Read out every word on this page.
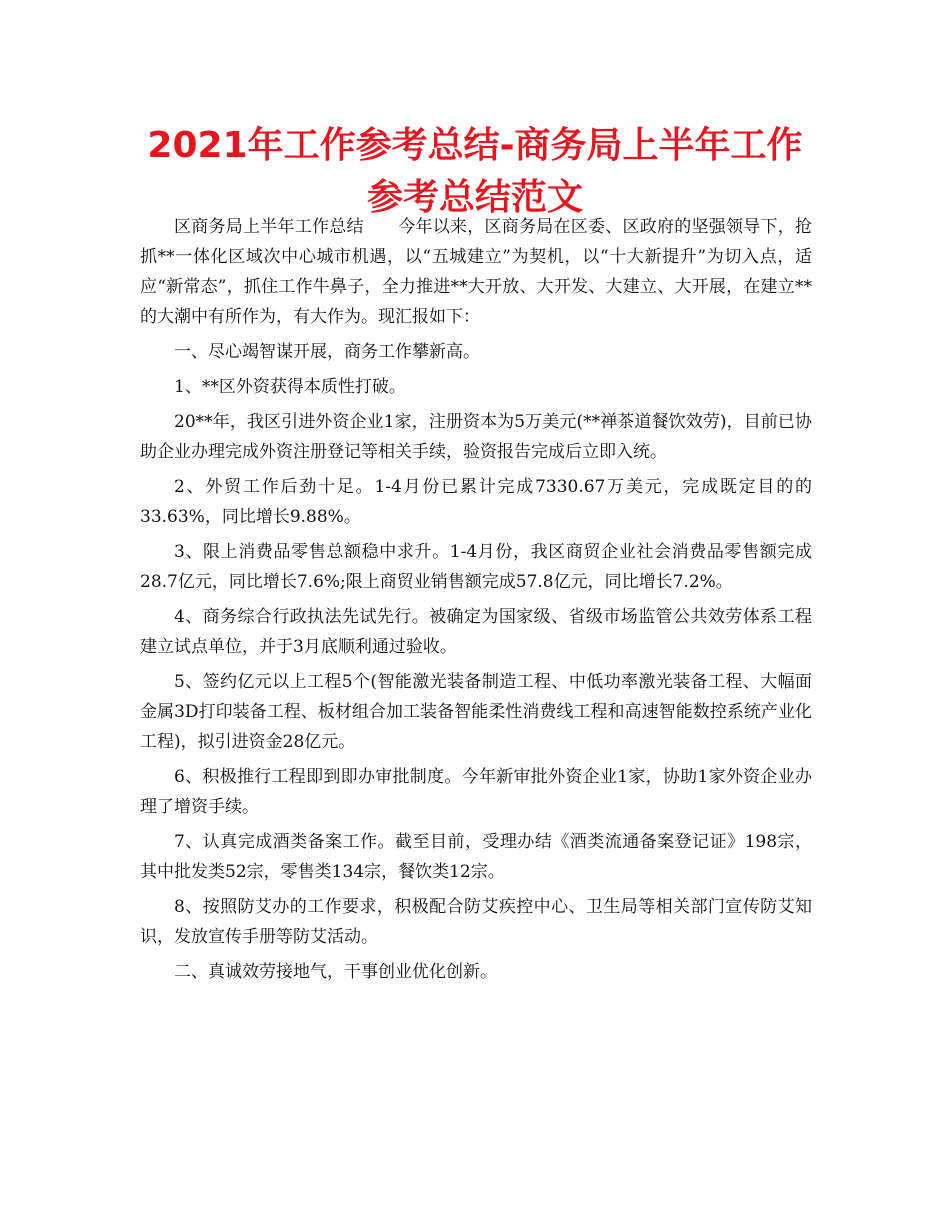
2021年工作参考总结-商务局上半年工作参考总结范文

区商务局上半年工作总结　　今年以来，区商务局在区委、区政府的坚强领导下，抢抓**一体化区域次中心城市机遇，以“五城建立”为契机，以“十大新提升”为切入点，适应“新常态”，抓住工作牛鼻子，全力推进**大开放、大开发、大建立、大开展，在建立**的大潮中有所作为，有大作为。现汇报如下：

一、尽心竭智谋开展，商务工作攀新高。

1、**区外资获得本质性打破。

20**年，我区引进外资企业1家，注册资本为5万美元(**禅茶道餐饮效劳)，目前已协助企业办理完成外资注册登记等相关手续，验资报告完成后立即入统。

2、外贸工作后劲十足。1-4月份已累计完成7330.67万美元，完成既定目的的33.63%，同比增长9.88%。

3、限上消费品零售总额稳中求升。1-4月份，我区商贸企业社会消费品零售额完成28.7亿元，同比增长7.6%;限上商贸业销售额完成57.8亿元，同比增长7.2%。

4、商务综合行政执法先试先行。被确定为国家级、省级市场监管公共效劳体系工程建立试点单位，并于3月底顺利通过验收。

5、签约亿元以上工程5个(智能激光装备制造工程、中低功率激光装备工程、大幅面金属3D打印装备工程、板材组合加工装备智能柔性消费线工程和高速智能数控系统产业化工程)，拟引进资金28亿元。

6、积极推行工程即到即办审批制度。今年新审批外资企业1家，协助1家外资企业办理了增资手续。

7、认真完成酒类备案工作。截至目前，受理办结《酒类流通备案登记证》198宗，其中批发类52宗，零售类134宗，餐饮类12宗。

8、按照防艾办的工作要求，积极配合防艾疾控中心、卫生局等相关部门宣传防艾知识，发放宣传手册等防艾活动。

二、真诚效劳接地气，干事创业优化创新。
